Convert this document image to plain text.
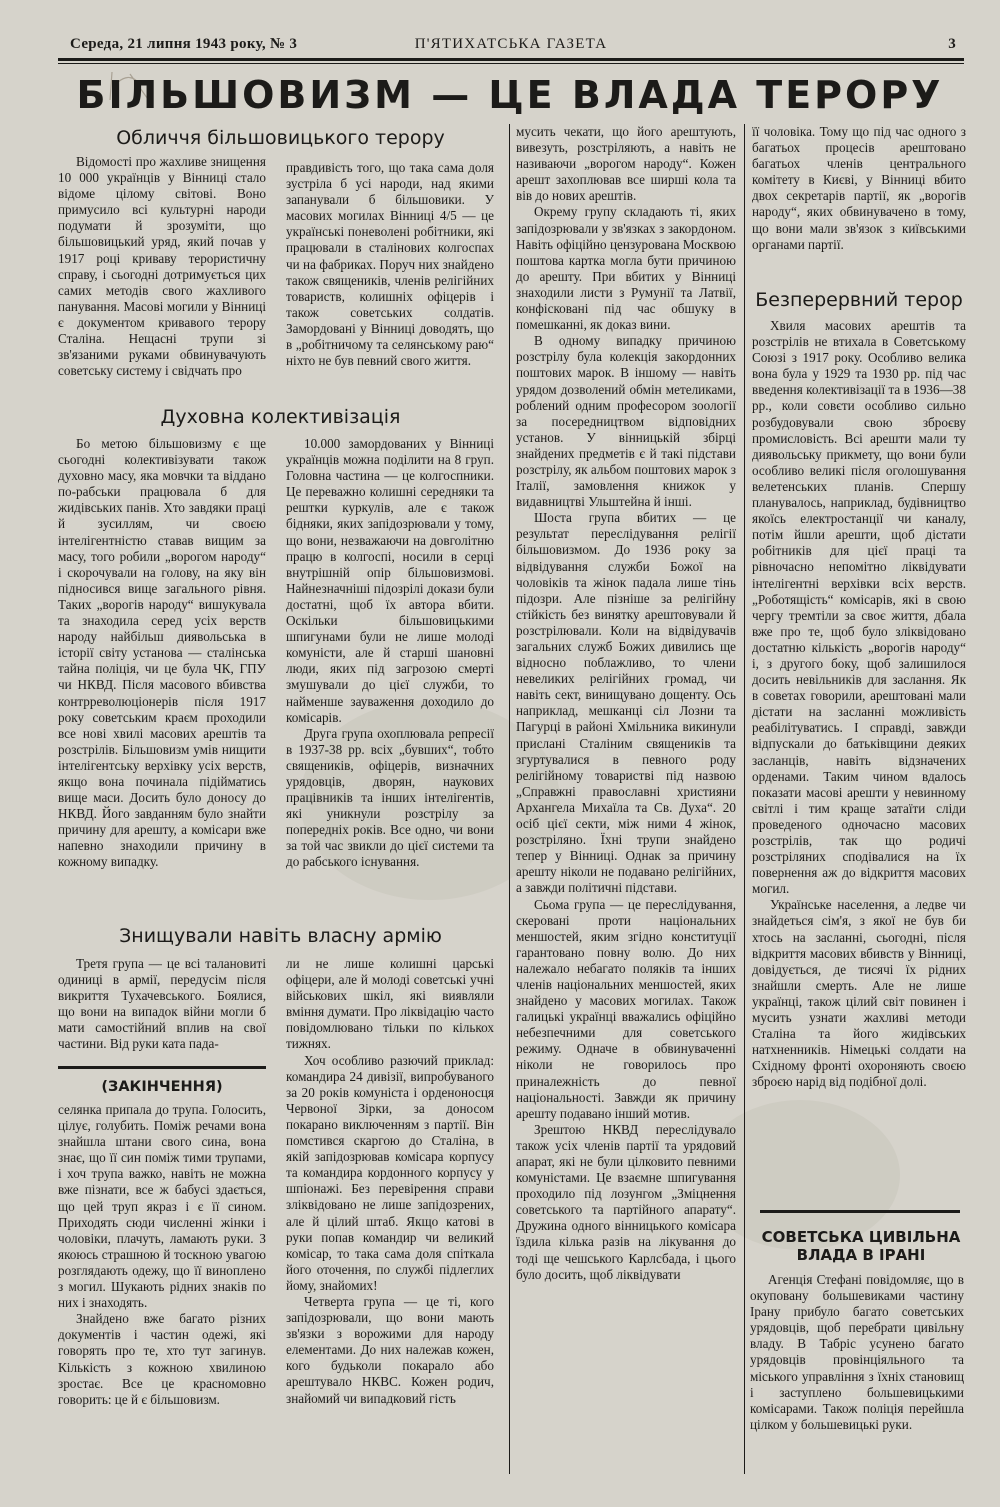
Середа, 21 липня 1943 року, № 3	П'ЯТИХАТСЬКА ГАЗЕТА	3
БІЛЬШОВИЗМ — ЦЕ ВЛАДА ТЕРОРУ
Обличчя більшовицького терору

Відомості про жахливе знищення 10 000 українців у Вінниці стало відоме цілому світові. Воно примусило всі культурні народи подумати й зрозуміти, що більшовицький уряд, який почав у 1917 році криваву терористичну справу, і сьогодні дотримується цих самих методів свого жахливого панування. Масові могили у Вінниці є документом кривавого терору Сталіна. Нещасні трупи зі зв'язаними руками обвинувачують советську систему і свідчать про

правдивість того, що така сама доля зустріла б усі народи, над якими запанували б більшовики. У масових могилах Вінниці 4/5 — це українські поневолені робітники, які працювали в сталінових колгоспах чи на фабриках. Поруч них знайдено також священиків, членів релігійних товариств, колишніх офіцерів і також советських солдатів. Замордовані у Вінниці доводять, що в „робітничому та селянському раю“ ніхто не був певний свого життя.

Духовна колективізація

Бо метою більшовизму є ще сьогодні колективізувати також духовно масу, яка мовчки та віддано по-рабськи працювала б для жидівських панів. Хто завдяки праці й зусиллям, чи своєю інтелігентністю ставав вищим за масу, того робили „ворогом народу“ і скорочували на голову, на яку він підносився вище загального рівня. Таких „ворогів народу“ вишукувала та знаходила серед усіх верств народу найбільш диявольська в історії світу установа — сталінська тайна поліція, чи це була ЧК, ГПУ чи НКВД. Після масового вбивства контрреволюціонерів після 1917 року советським краєм проходили все нові хвилі масових арештів та розстрілів. Більшовизм умів нищити інтелігентську верхівку усіх верств, якщо вона починала підійматись вище маси. Досить було доносу до НКВД. Його завданням було знайти причину для арешту, а комісари вже напевно знаходили причину в кожному випадку.

10.000 замордованих у Вінниці українців можна поділити на 8 груп. Головна частина — це колгоспники. Це переважно колишні середняки та рештки куркулів, але є також бідняки, яких запідозрювали у тому, що вони, незважаючи на довголітню працю в колгоспі, носили в серці внутрішній опір більшовизмові. Найнезначніші підозрілі докази були достатні, щоб їх автора вбити. Оскільки більшовицькими шпигунами були не лише молоді комуністи, але й старші шановні люди, яких під загрозою смерті змушували до цієї служби, то найменше зауваження доходило до комісарів.

Друга група охоплювала репресії в 1937-38 рр. всіх „бувших“, тобто священиків, офіцерів, визначних урядовців, дворян, наукових працівників та інших інтелігентів, які уникнули розстрілу за попередніх років. Все одно, чи вони за той час звикли до цієї системи та до рабського існування.

Знищували навіть власну армію

Третя група — це всі талановиті одиниці в армії, передусім після викриття Тухачевського. Боялися, що вони на випадок війни могли б мати самостійний вплив на свої частини. Від руки ката пада-

(ЗАКІНЧЕННЯ)

селянка припала до трупа. Голосить, цілує, голубить. Поміж речами вона знайшла штани свого сина, вона знає, що її син поміж тими трупами, і хоч трупа важко, навіть не можна вже пізнати, все ж бабусі здається, що цей труп якраз і є її сином. Приходять сюди численні жінки і чоловіки, плачуть, ламають руки. З якоюсь страшною й тоскною увагою розглядають одежу, що її виноплено з могил. Шукають рідних знаків по них і знаходять.

Знайдено вже багато різних документів і частин одежі, які говорять про те, хто тут загинув. Кількість з кожною хвилиною зростає. Все це красномовно говорить: це й є більшовизм.

ли не лише колишні царські офіцери, але й молоді советські учні військових шкіл, які виявляли вміння думати. Про ліквідацію часто повідомлювано тільки по кількох тижнях.

Хоч особливо разючий приклад: командира 24 дивізії, випробуваного за 20 років комуніста і орденоносця Червоної Зірки, за доносом покарано виключенням з партії. Він помстився скаргою до Сталіна, в якій запідозрював комісара корпусу та командира кордонного корпусу у шпіонажі. Без перевірення справи зліквідовано не лише запідозрених, але й цілий штаб. Якщо катові в руки попав командир чи великий комісар, то така сама доля спіткала його оточення, по службі підлеглих йому, знайомих!

Четверта група — це ті, кого запідозрювали, що вони мають зв'язки з ворожими для народу елементами. До них належав кожен, кого будьколи покарало або арештувало НКВС. Кожен родич, знайомий чи випадковий гість

мусить чекати, що його арештують, вивезуть, розстріляють, а навіть не називаючи „ворогом народу“. Кожен арешт захоплював все ширші кола та вів до нових арештів.

Окрему групу складають ті, яких запідозрювали у зв'язках з закордоном. Навіть офіційно цензурована Москвою поштова картка могла бути причиною до арешту. При вбитих у Вінниці знаходили листи з Румунії та Латвії, конфісковані під час обшуку в помешканні, як доказ вини.

В одному випадку причиною розстрілу була колекція закордонних поштових марок. В іншому — навіть урядом дозволений обмін метеликами, роблений одним професором зоології за посередництвом відповідних установ. У вінницькій збірці знайдених предметів є й такі підстави розстрілу, як альбом поштових марок з Італії, замовлення книжок у видавництві Ульштейна й інші.

Шоста група вбитих — це результат переслідування релігії більшовизмом. До 1936 року за відвідування служби Божої на чоловіків та жінок падала лише тінь підозри. Але пізніше за релігійну стійкість без винятку арештовували й розстрілювали. Коли на відвідувачів загальних служб Божих дивились ще відносно поблажливо, то члени невеликих релігійних громад, чи навіть сект, винищувано дощенту. Ось наприклад, мешканці сіл Лозни та Пагурці в районі Хмільника викинули прислані Сталіним священиків та згуртувалися в певного роду релігійному товаристві під назвою „Справжні православні християни Архангела Михаїла та Св. Духа“. 20 осіб цієї секти, між ними 4 жінок, розстріляно. Їхні трупи знайдено тепер у Вінниці. Однак за причину арешту ніколи не подавано релігійних, а завжди політичні підстави.

Сьома група — це переслідування, скеровані проти національних меншостей, яким згідно конституції гарантовано повну волю. До них належало небагато поляків та інших членів національних меншостей, яких знайдено у масових могилах. Також галицькі українці вважались офіційно небезпечними для советського режиму. Одначе в обвинуваченні ніколи не говорилось про приналежність до певної національності. Завжди як причину арешту подавано інший мотив.

Зрештою НКВД переслідувало також усіх членів партії та урядовий апарат, які не були цілковито певними комуністами. Це взаємне шпигування проходило під лозунгом „Зміцнення советського та партійного апарату“. Дружина одного вінницького комісара їздила кілька разів на лікування до тоді ще чешського Карлсбада, і цього було досить, щоб ліквідувати

її чоловіка. Тому що під час одного з багатьох процесів арештовано багатьох членів центрального комітету в Києві, у Вінниці вбито двох секретарів партії, як „ворогів народу“, яких обвинувачено в тому, що вони мали зв'язок з київськими органами партії.

Безперервний терор

Хвиля масових арештів та розстрілів не втихала в Советському Союзі з 1917 року. Особливо велика вона була у 1929 та 1930 рр. під час введення колективізації та в 1936—38 рр., коли совєти особливо сильно розбудовували свою зброєву промисловість. Всі арешти мали ту диявольську прикмету, що вони були особливо великі після оголошування велетенських планів. Спершу планувалось, наприклад, будівництво якоїсь електростанції чи каналу, потім йшли арешти, щоб дістати робітників для цієї праці та рівночасно непомітно ліквідувати інтелігентні верхівки всіх верств. „Роботящість“ комісарів, які в свою чергу тремтіли за своє життя, дбала вже про те, щоб було зліквідовано достатню кількість „ворогів народу“ і, з другого боку, щоб залишилося досить невільників для заслання. Як в советах говорили, арештовані мали дістати на засланні можливість реабілітуватись. І справді, завжди відпускали до батьківщини деяких засланців, навіть відзначених орденами. Таким чином вдалось показати масові арешти у невинному світлі і тим краще затаїти сліди проведеного одночасно масових розстрілів, так що родичі розстріляних сподівалися на їх повернення аж до відкриття масових могил.

Українське населення, а ледве чи знайдеться сім'я, з якої не був би хтось на засланні, сьогодні, після відкриття масових вбивств у Вінниці, довідується, де тисячі їх рідних знайшли смерть. Але не лише українці, також цілий світ повинен і мусить узнати жахливі методи Сталіна та його жидівських натхненників. Німецькі солдати на Східному фронті охороняють своєю зброєю нарід від подібної долі.

СОВЕТСЬКА ЦИВІЛЬНА ВЛАДА В ІРАНІ

Агенція Стефані повідомляє, що в окупованy большевиками частину Ірану прибуло багато советських урядовців, щоб перебрати цивільну владу. В Табріс усунено багато урядовців провінціяльного та міського управління з їхніх становищ і заступлено большевицькими комісарами. Також поліція перейшла цілком у большевицькі руки.
